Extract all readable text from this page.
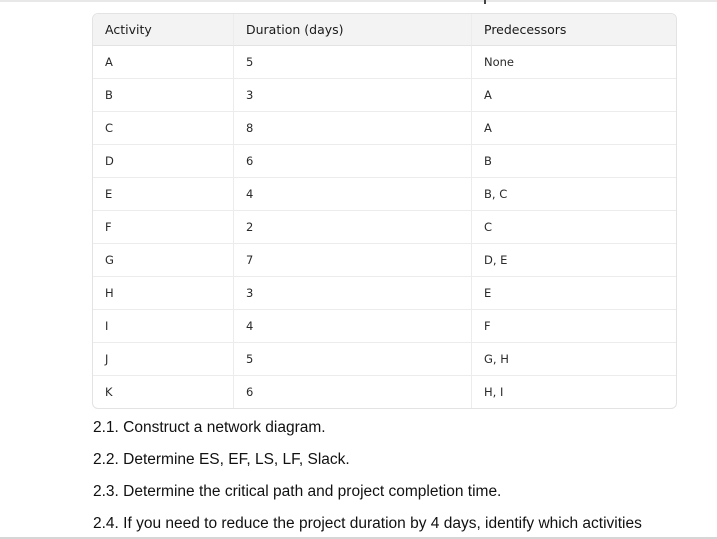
Activity	Duration (days)	Predecessors
A	5	None
B	3	A
C	8	A
D	6	B
E	4	B, C
F	2	C
G	7	D, E
H	3	E
I	4	F
J	5	G, H
K	6	H, I
2.1. Construct a network diagram.
2.2. Determine ES, EF, LS, LF, Slack.
2.3. Determine the critical path and project completion time.
2.4. If you need to reduce the project duration by 4 days, identify which activities
